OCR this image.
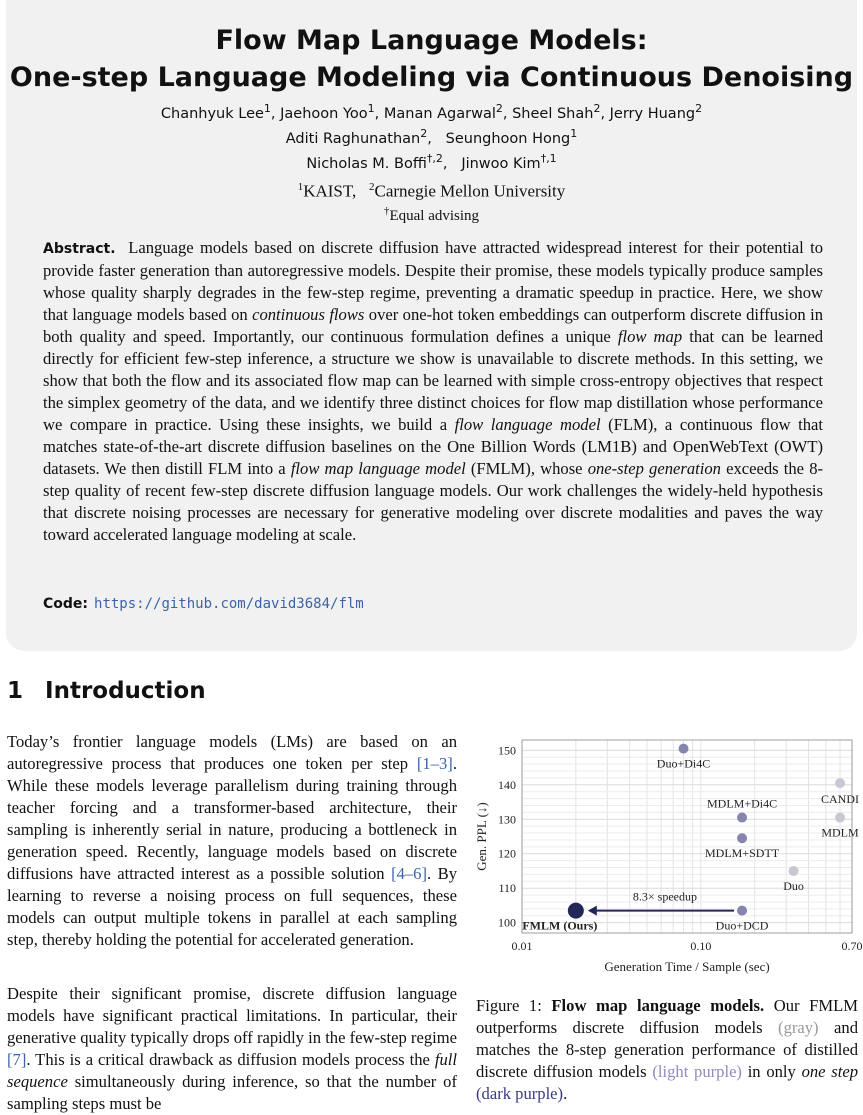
Flow Map Language Models:
One-step Language Modeling via Continuous Denoising
Chanhyuk Lee$^1$, Jaehoon Yoo$^1$, Manan Agarwal$^2$, Sheel Shah$^2$, Jerry Huang$^2$
Aditi Raghunathan$^2$,   Seunghoon Hong$^1$
Nicholas M. Boffi$^{\dagger,2}$,   Jinwoo Kim$^{\dagger,1}$
$^1$KAIST, $^2$Carnegie Mellon University
†Equal advising
Abstract. Language models based on discrete diffusion have attracted widespread interest for their potential to provide faster generation than autoregressive models. Despite their promise, these models typically produce samples whose quality sharply degrades in the few-step regime, preventing a dramatic speedup in practice. Here, we show that language models based on continuous flows over one-hot token embeddings can outperform discrete diffusion in both quality and speed. Importantly, our continuous formulation defines a unique flow map that can be learned directly for efficient few-step inference, a structure we show is unavailable to discrete methods. In this setting, we show that both the flow and its associated flow map can be learned with simple cross-entropy objectives that respect the simplex geometry of the data, and we identify three distinct choices for flow map distillation whose performance we compare in practice. Using these insights, we build a flow language model (FLM), a continuous flow that matches state-of-the-art discrete diffusion baselines on the One Billion Words (LM1B) and OpenWebText (OWT) datasets. We then distill FLM into a flow map language model (FMLM), whose one-step generation exceeds the 8-step quality of recent few-step discrete diffusion language models. Our work challenges the widely-held hypothesis that discrete noising processes are necessary for generative modeling over discrete modalities and paves the way toward accelerated language modeling at scale.
Code: https://github.com/david3684/flm
1 Introduction
Today’s frontier language models (LMs) are based on an autoregressive process that produces one token per step [1–3]. While these models leverage parallelism during training through teacher forcing and a transformer-based architecture, their sampling is inherently serial in nature, producing a bottleneck in generation speed. Recently, language models based on discrete diffusions have attracted interest as a possible solution [4–6]. By learning to reverse a noising process on full sequences, these models can output multiple tokens in parallel at each sampling step, thereby holding the potential for accelerated generation.
Despite their significant promise, discrete diffusion language models have significant practical limitations. In particular, their generative quality typically drops off rapidly in the few-step regime [7]. This is a critical drawback as diffusion models process the full sequence simultaneously during inference, so that the number of sampling steps must be
100
110
120
130
140
150
0.01	0.10	0.70
Generation Time / Sample (sec)
Gen. PPL (↓)
8.3× speedup
Duo+Di4C
MDLM+Di4C
MDLM+SDTT
Duo+DCD
CANDI
MDLM
Duo
FMLM (Ours)
Figure 1: Flow map language models. Our FMLM outperforms discrete diffusion models (gray) and matches the 8-step generation performance of distilled discrete diffusion models (light purple) in only one step (dark purple).
